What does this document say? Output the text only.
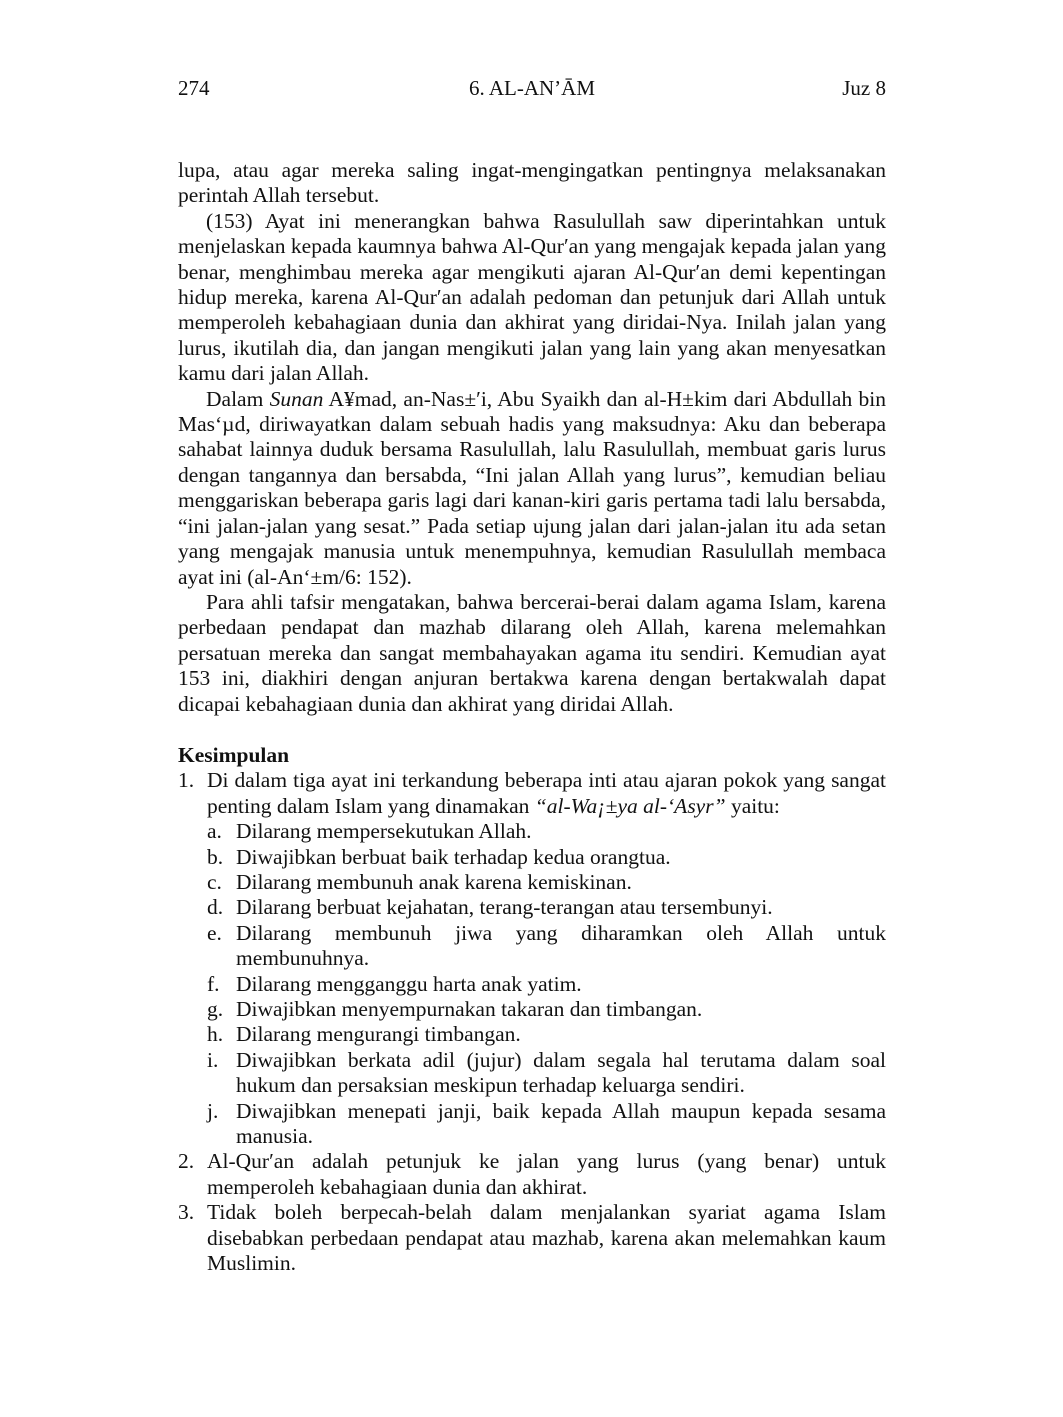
274	6. AL-AN’ĀM	Juz 8

lupa, atau agar mereka saling ingat-mengingatkan pentingnya melaksanakan perintah Allah tersebut.

(153) Ayat ini menerangkan bahwa Rasulullah saw diperintahkan untuk menjelaskan kepada kaumnya bahwa Al-Qur′an yang mengajak kepada jalan yang benar, menghimbau mereka agar mengikuti ajaran Al-Qur′an demi kepentingan hidup mereka, karena Al-Qur′an adalah pedoman dan petunjuk dari Allah untuk memperoleh kebahagiaan dunia dan akhirat yang diridai-Nya. Inilah jalan yang lurus, ikutilah dia, dan jangan mengikuti jalan yang lain yang akan menyesatkan kamu dari jalan Allah.

Dalam Sunan A¥mad, an-Nas±′i, Abu Syaikh dan al-H±kim dari Abdullah bin Mas‘µd, diriwayatkan dalam sebuah hadis yang maksudnya: Aku dan beberapa sahabat lainnya duduk bersama Rasulullah, lalu Rasulullah, membuat garis lurus dengan tangannya dan bersabda, “Ini jalan Allah yang lurus”, kemudian beliau menggariskan beberapa garis lagi dari kanan-kiri garis pertama tadi lalu bersabda, “ini jalan-jalan yang sesat.” Pada setiap ujung jalan dari jalan-jalan itu ada setan yang mengajak manusia untuk menempuhnya, kemudian Rasulullah membaca ayat ini (al-An‘±m/6: 152).

Para ahli tafsir mengatakan, bahwa bercerai-berai dalam agama Islam, karena perbedaan pendapat dan mazhab dilarang oleh Allah, karena melemahkan persatuan mereka dan sangat membahayakan agama itu sendiri. Kemudian ayat 153 ini, diakhiri dengan anjuran bertakwa karena dengan bertakwalah dapat dicapai kebahagiaan dunia dan akhirat yang diridai Allah.

Kesimpulan
1. Di dalam tiga ayat ini terkandung beberapa inti atau ajaran pokok yang sangat penting dalam Islam yang dinamakan “al-Wa¡±ya al-‘Asyr” yaitu:
a. Dilarang mempersekutukan Allah.
b. Diwajibkan berbuat baik terhadap kedua orangtua.
c. Dilarang membunuh anak karena kemiskinan.
d. Dilarang berbuat kejahatan, terang-terangan atau tersembunyi.
e. Dilarang membunuh jiwa yang diharamkan oleh Allah untuk membunuhnya.
f. Dilarang mengganggu harta anak yatim.
g. Diwajibkan menyempurnakan takaran dan timbangan.
h. Dilarang mengurangi timbangan.
i. Diwajibkan berkata adil (jujur) dalam segala hal terutama dalam soal hukum dan persaksian meskipun terhadap keluarga sendiri.
j. Diwajibkan menepati janji, baik kepada Allah maupun kepada sesama manusia.
2. Al-Qur′an adalah petunjuk ke jalan yang lurus (yang benar) untuk memperoleh kebahagiaan dunia dan akhirat.
3. Tidak boleh berpecah-belah dalam menjalankan syariat agama Islam disebabkan perbedaan pendapat atau mazhab, karena akan melemahkan kaum Muslimin.
